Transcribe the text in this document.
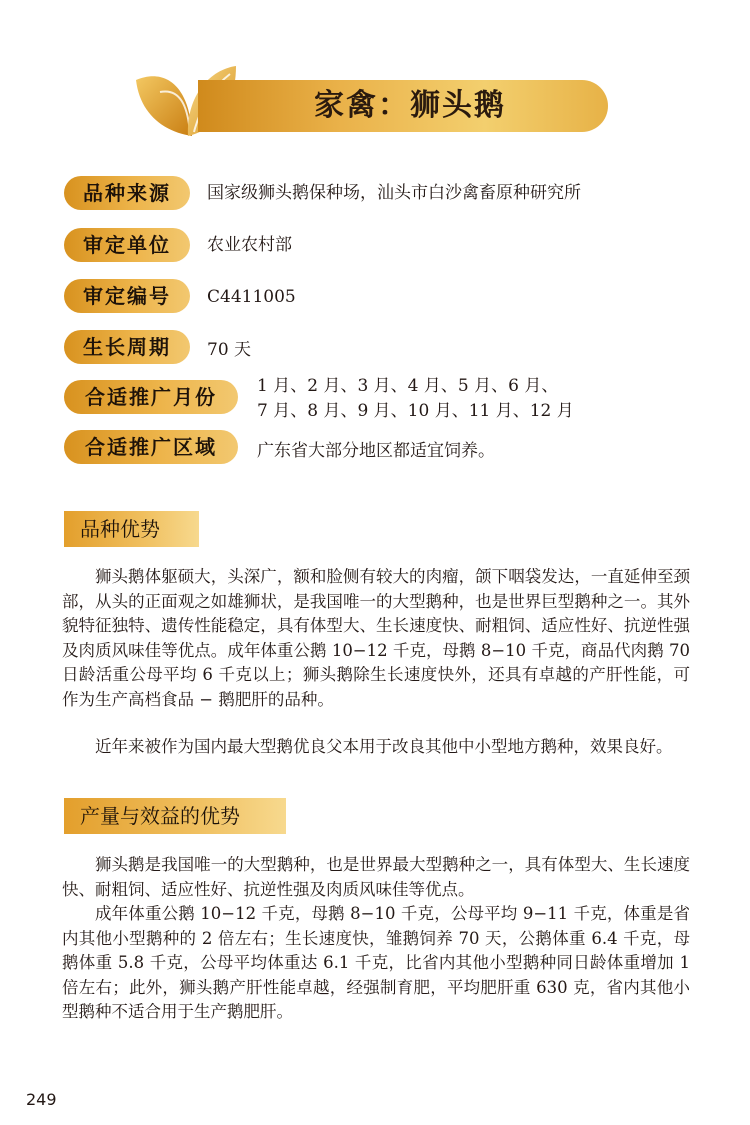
家禽：狮头鹅
品种来源	国家级狮头鹅保种场，汕头市白沙禽畜原种研究所
审定单位	农业农村部
审定编号	C4411005
生长周期	70 天
合适推广月份	1 月、2 月、3 月、4 月、5 月、6 月、
7 月、8 月、9 月、10 月、11 月、12 月
合适推广区域	广东省大部分地区都适宜饲养。
品种优势

狮头鹅体躯硕大，头深广，额和脸侧有较大的肉瘤，颌下咽袋发达，一直延伸至颈部，从头的正面观之如雄狮状，是我国唯一的大型鹅种，也是世界巨型鹅种之一。其外貌特征独特、遗传性能稳定，具有体型大、生长速度快、耐粗饲、适应性好、抗逆性强及肉质风味佳等优点。成年体重公鹅 10−12 千克，母鹅 8−10 千克，商品代肉鹅 70 日龄活重公母平均 6 千克以上；狮头鹅除生长速度快外，还具有卓越的产肝性能，可作为生产高档食品 − 鹅肥肝的品种。

近年来被作为国内最大型鹅优良父本用于改良其他中小型地方鹅种，效果良好。

产量与效益的优势

狮头鹅是我国唯一的大型鹅种，也是世界最大型鹅种之一，具有体型大、生长速度快、耐粗饲、适应性好、抗逆性强及肉质风味佳等优点。

成年体重公鹅 10−12 千克，母鹅 8−10 千克，公母平均 9−11 千克，体重是省内其他小型鹅种的 2 倍左右；生长速度快，雏鹅饲养 70 天，公鹅体重 6.4 千克，母鹅体重 5.8 千克，公母平均体重达 6.1 千克，比省内其他小型鹅种同日龄体重增加 1 倍左右；此外，狮头鹅产肝性能卓越，经强制育肥，平均肥肝重 630 克，省内其他小型鹅种不适合用于生产鹅肥肝。

249
